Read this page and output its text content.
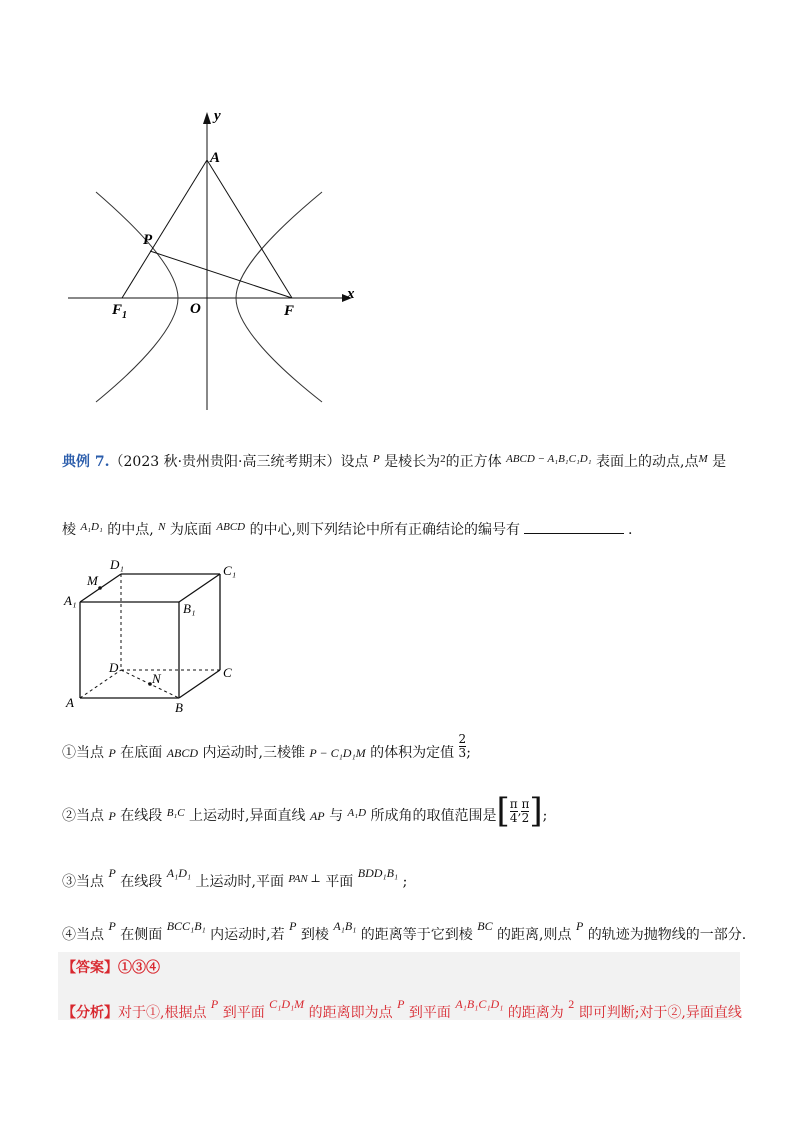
y
x
A
P
$F_1$	O	F
典例 7.（2023 秋·贵州贵阳·高三统考期末）设点 $^P$ 是棱长为$^2$的正方体 $^{ABCD - A_1B_1C_1D_1}$ 表面上的动点,点$^M$ 是
棱 $^{A_1D_1}$ 的中点, $^N$ 为底面 $^{ABCD}$ 的中心,则下列结论中所有正确结论的编号有	.
D₁	C₁
M
A₁
B₁
D	C
N
A	B
①当点 P 在底面 ABCD 内运动时,三棱锥 P − C₁D₁M 的体积为定值 $\frac{2}{3}$ ;
②当点 P 在线段 $^{B_1C}$ 上运动时,异面直线 AP 与 $^{A_1D}$ 所成角的取值范围是 [ $\frac{\pi}{4}$ , $\frac{\pi}{2}$ ] ;
③当点 P 在线段 A₁D₁ 上运动时,平面 $^{PAN \perp}$ 平面 BDD₁B₁ ;
④当点 P 在侧面 BCC₁B₁ 内运动时,若 P 到棱 A₁B₁ 的距离等于它到棱 BC 的距离,则点 P 的轨迹为抛物线的一部分.
【答案】①③④
【分析】对于①,根据点 P 到平面 C₁D₁M 的距离即为点 P 到平面 A₁B₁C₁D₁ 的距离为 2 即可判断;对于②,异面直线
